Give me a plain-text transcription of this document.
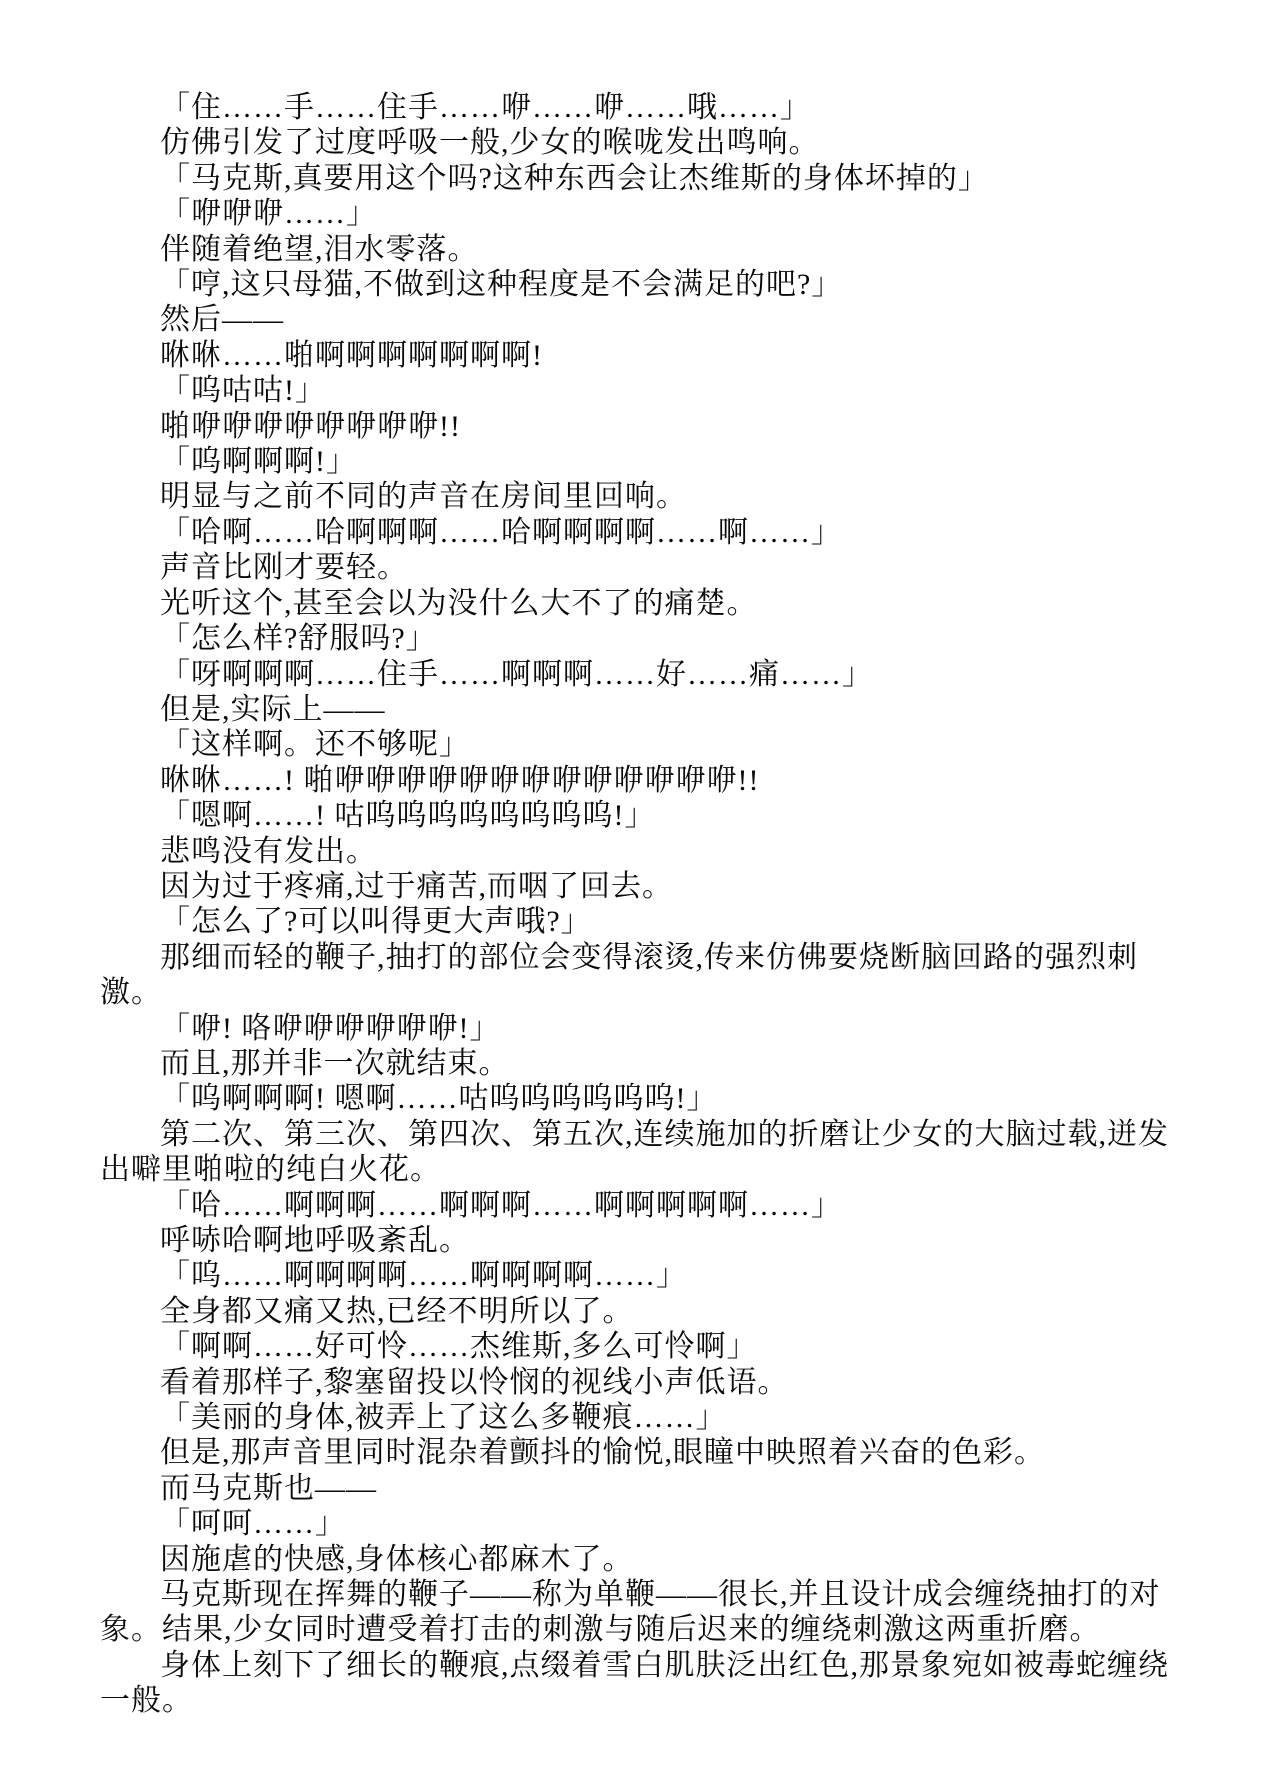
「住……手……住手……咿……咿……哦……」

仿佛引发了过度呼吸一般,少女的喉咙发出鸣响。

「马克斯,真要用这个吗?这种东西会让杰维斯的身体坏掉的」

「咿咿咿……」

伴随着绝望,泪水零落。

「哼,这只母猫,不做到这种程度是不会满足的吧?」

然后——

咻咻……啪啊啊啊啊啊啊啊!

「呜咕咕!」

啪咿咿咿咿咿咿咿咿!!

「呜啊啊啊!」

明显与之前不同的声音在房间里回响。

「哈啊……哈啊啊啊……哈啊啊啊啊……啊……」

声音比刚才要轻。

光听这个,甚至会以为没什么大不了的痛楚。

「怎么样?舒服吗?」

「呀啊啊啊……住手……啊啊啊……好……痛……」

但是,实际上——

「这样啊。还不够呢」

咻咻……! 啪咿咿咿咿咿咿咿咿咿咿咿咿咿!!

「嗯啊……! 咕呜呜呜呜呜呜呜呜!」

悲鸣没有发出。

因为过于疼痛,过于痛苦,而咽了回去。

「怎么了?可以叫得更大声哦?」

那细而轻的鞭子,抽打的部位会变得滚烫,传来仿佛要烧断脑回路的强烈刺激。

「咿! 咯咿咿咿咿咿咿!」

而且,那并非一次就结束。

「呜啊啊啊! 嗯啊……咕呜呜呜呜呜呜!」

第二次、第三次、第四次、第五次,连续施加的折磨让少女的大脑过载,迸发出噼里啪啦的纯白火花。

「哈……啊啊啊……啊啊啊……啊啊啊啊啊……」

呼哧哈啊地呼吸紊乱。

「呜……啊啊啊啊……啊啊啊啊……」

全身都又痛又热,已经不明所以了。

「啊啊……好可怜……杰维斯,多么可怜啊」

看着那样子,黎塞留投以怜悯的视线小声低语。

「美丽的身体,被弄上了这么多鞭痕……」

但是,那声音里同时混杂着颤抖的愉悦,眼瞳中映照着兴奋的色彩。

而马克斯也——

「呵呵……」

因施虐的快感,身体核心都麻木了。

马克斯现在挥舞的鞭子——称为单鞭——很长,并且设计成会缠绕抽打的对象。结果,少女同时遭受着打击的刺激与随后迟来的缠绕刺激这两重折磨。

身体上刻下了细长的鞭痕,点缀着雪白肌肤泛出红色,那景象宛如被毒蛇缠绕一般。
